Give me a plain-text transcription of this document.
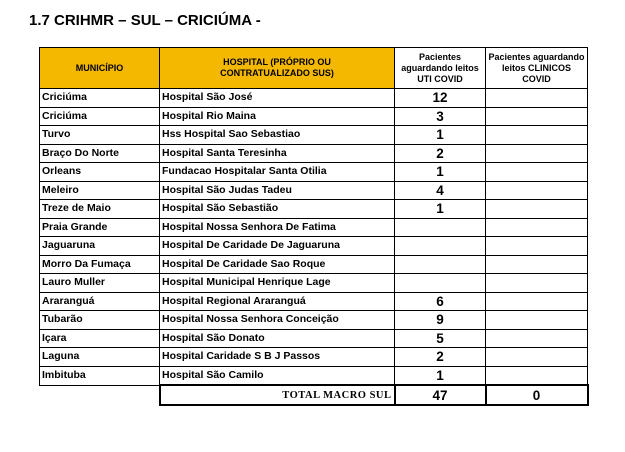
1.7 CRIHMR – SUL – CRICIÚMA -
MUNICÍPIO	HOSPITAL (PRÓPRIO OU CONTRATUALIZADO SUS)	Pacientes aguardando leitos UTI COVID	Pacientes aguardando leitos CLINICOS COVID
Criciúma	Hospital São José	12	
Criciúma	Hospital Rio Maina	3	
Turvo	Hss Hospital Sao Sebastiao	1	
Braço Do Norte	Hospital Santa Teresinha	2	
Orleans	Fundacao Hospitalar Santa Otilia	1	
Meleiro	Hospital São Judas Tadeu	4	
Treze de Maio	Hospital São Sebastião	1	
Praia Grande	Hospital Nossa Senhora De Fatima		
Jaguaruna	Hospital De Caridade De Jaguaruna		
Morro Da Fumaça	Hospital De Caridade Sao Roque		
Lauro Muller	Hospital Municipal Henrique Lage		
Araranguá	Hospital Regional Araranguá	6	
Tubarão	Hospital Nossa Senhora Conceição	9	
Içara	Hospital São Donato	5	
Laguna	Hospital Caridade S B J Passos	2	
Imbituba	Hospital São Camilo	1	
	TOTAL MACRO SUL	47	0
